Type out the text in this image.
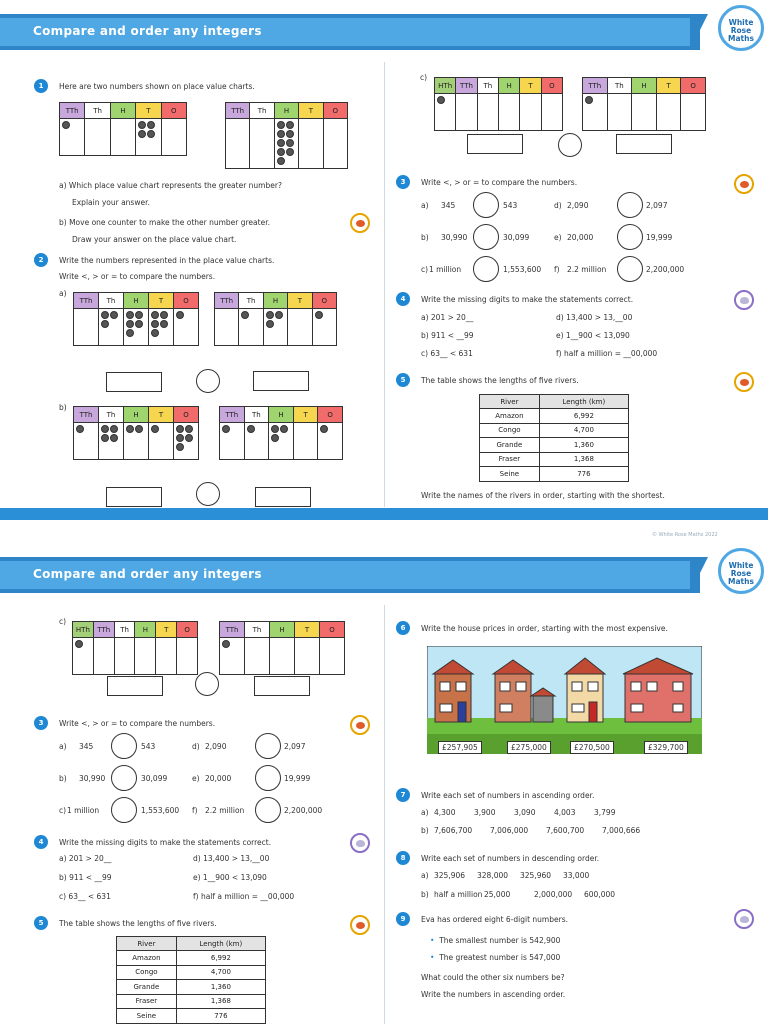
Compare and order any integers
White
Rose
Maths
1	Here are two numbers shown on place value charts.
TTh	Th	H	T	O
					TTh	Th	H	T	O

a) Which place value chart represents the greater number?
Explain your answer.
b) Move one counter to make the other number greater.
Draw your answer on the place value chart.
2	Write the numbers represented in the place value charts.
Write <, > or = to compare the numbers.
a)
TTh	Th	H	T	O
					TTh	Th	H	T	O

b)
TTh	Th	H	T	O
					TTh	Th	H	T	O

c)
HTh	TTh	Th	H	T	O
						TTh	Th	H	T	O

3	Write <, > or = to compare the numbers.
a) 345	543	d) 2,090	2,097
b) 30,990	30,099	e) 20,000	19,999
c) 1 million	1,553,600 f) 2.2 million	2,200,000
4	Write the missing digits to make the statements correct.
a) 201 > 20__
b) 911 < __99
c) 63__ < 631
d) 13,400 > 13,__00
e) 1__900 < 13,090
f) half a million = __00,000
5	The table shows the lengths of five rivers.
River	Length (km)
Amazon	6,992
Congo	4,700
Grande	1,360
Fraser	1,368
Seine	776
Write the names of the rivers in order, starting with the shortest.
© White Rose Maths 2022
Compare and order any integers
White
Rose
Maths
c)
HTh	TTh	Th	H	T	O
						TTh	Th	H	T	O

3	Write <, > or = to compare the numbers.
a) 345	543	d) 2,090	2,097
b) 30,990	30,099	e) 20,000	19,999
c) 1 million	1,553,600 f) 2.2 million	2,200,000
4	Write the missing digits to make the statements correct.
a) 201 > 20__
b) 911 < __99
c) 63__ < 631
d) 13,400 > 13,__00
e) 1__900 < 13,090
f) half a million = __00,000
5	The table shows the lengths of five rivers.
River	Length (km)
Amazon	6,992
Congo	4,700
Grande	1,360
Fraser	1,368
Seine	776
6	Write the house prices in order, starting with the most expensive.
£257,905	£275,000	£270,500	£329,700
7	Write each set of numbers in ascending order.
a) 4,300 3,900 3,090 4,003 3,799
b) 7,606,700 7,006,000 7,600,700 7,000,666
8	Write each set of numbers in descending order.
a) 325,906 328,000 325,960 33,000
b) half a million 25,000	2,000,000 600,000
9	Eva has ordered eight 6-digit numbers.
• The smallest number is 542,900
• The greatest number is 547,000
What could the other six numbers be?
Write the numbers in ascending order.
